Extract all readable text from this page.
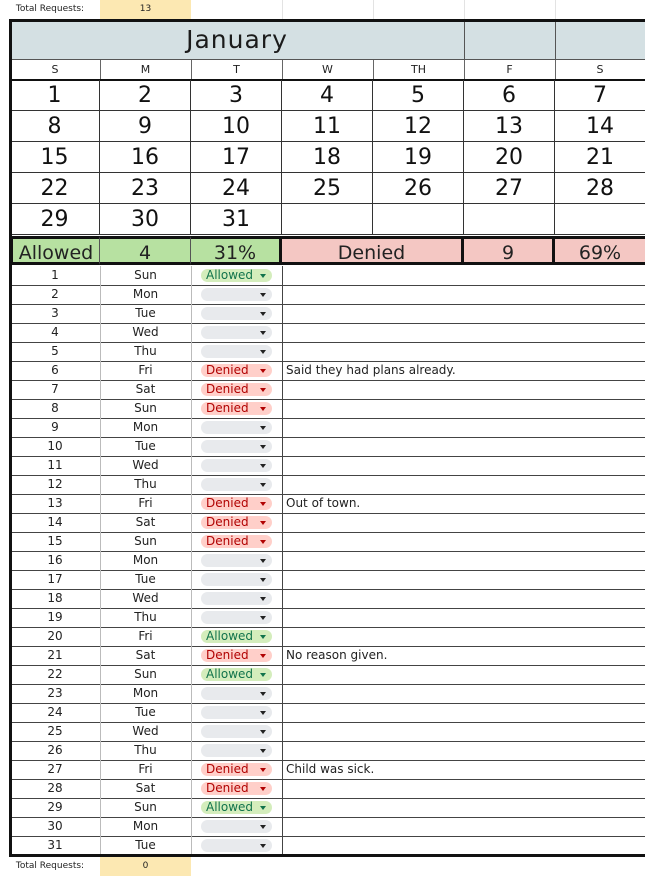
Total Requests:	13
January
S	M	T	W	TH	F	S
1	2	3	4	5	6	7
8	9	10	11	12	13	14
15	16	17	18	19	20	21
22	23	24	25	26	27	28
29	30	31
Allowed	4	31%	Denied	9	69%
1	Sun	Allowed
2	Mon
3	Tue
4	Wed
5	Thu
6	Fri	Denied	Said they had plans already.
7	Sat	Denied
8	Sun	Denied
9	Mon
10	Tue
11	Wed
12	Thu
13	Fri	Denied	Out of town.
14	Sat	Denied
15	Sun	Denied
16	Mon
17	Tue
18	Wed
19	Thu
20	Fri	Allowed
21	Sat	Denied	No reason given.
22	Sun	Allowed
23	Mon
24	Tue
25	Wed
26	Thu
27	Fri	Denied	Child was sick.
28	Sat	Denied
29	Sun	Allowed
30	Mon
31	Tue
Total Requests:	0
